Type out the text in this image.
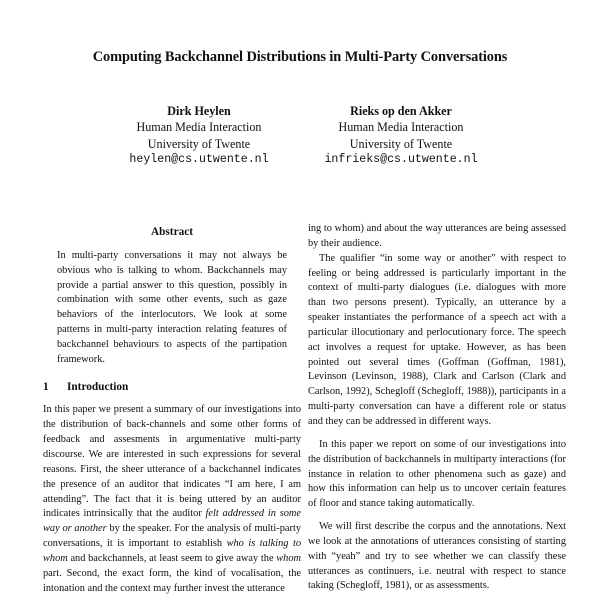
Computing Backchannel Distributions in Multi-Party Conversations
Dirk Heylen
Human Media Interaction
University of Twente
heylen@cs.utwente.nl
Rieks op den Akker
Human Media Interaction
University of Twente
infrieks@cs.utwente.nl
Abstract

In multi-party conversations it may not always be obvious who is talking to whom. Backchannels may provide a partial answer to this question, possibly in combination with some other events, such as gaze behaviors of the interlocutors. We look at some patterns in multi-party interaction relating features of backchannel behaviours to aspects of the partipation framework.

1 Introduction

In this paper we present a summary of our investigations into the distribution of back-channels and some other forms of feedback and assesments in argumentative multi-party discourse. We are interested in such expressions for several reasons. First, the sheer utterance of a backchannel indicates the presence of an auditor that indicates “I am here, I am attending”. The fact that it is being uttered by an auditor indicates intrinsically that the auditor felt addressed in some way or another by the speaker. For the analysis of multi-party conversations, it is important to establish who is talking to whom and backchannels, at least seem to give away the whom part. Second, the exact form, the kind of vocalisation, the intonation and the context may further invest the utterance

ing to whom) and about the way utterances are being assessed by their audience.

The qualifier “in some way or another” with respect to feeling or being addressed is particularly important in the context of multi-party dialogues (i.e. dialogues with more than two persons present). Typically, an utterance by a speaker instantiates the performance of a speech act with a particular illocutionary and perlocutionary force. The speech act involves a request for uptake. However, as has been pointed out several times (Goffman (Goffman, 1981), Levinson (Levinson, 1988), Clark and Carlson (Clark and Carlson, 1992), Schegloff (Schegloff, 1988)), participants in a multi-party conversation can have a different role or status and they can be addressed in different ways.

In this paper we report on some of our investigations into the distribution of backchannels in multiparty interactions (for instance in relation to other phenomena such as gaze) and how this information can help us to uncover certain features of floor and stance taking automatically.

We will first describe the corpus and the annotations. Next we look at the annotations of utterances consisting of starting with “yeah” and try to see whether we can classify these utterances as continuers, i.e. neutral with respect to stance taking (Schegloff, 1981), or as assessments.
